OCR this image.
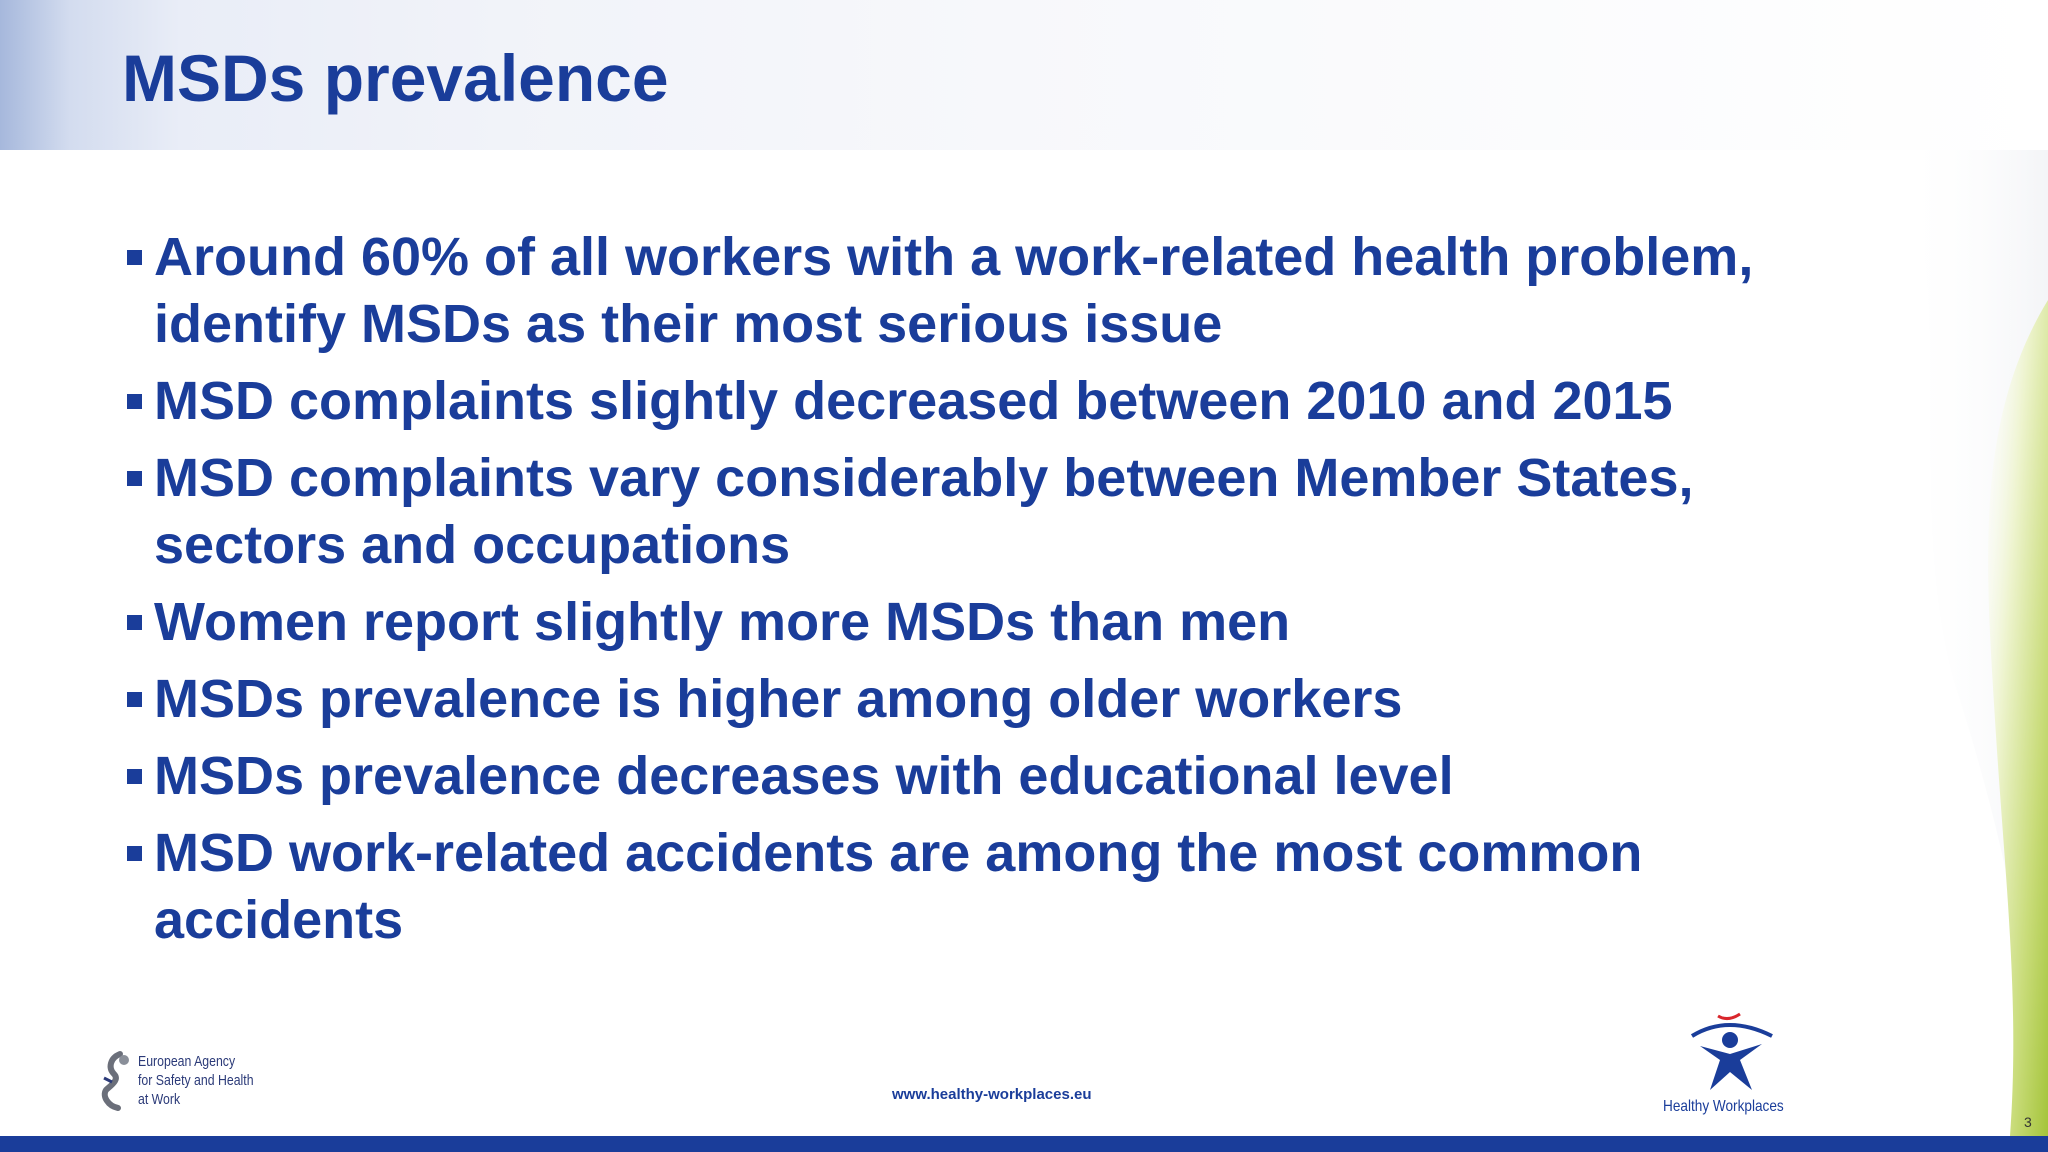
MSDs prevalence
Around 60% of all workers with a work-related health problem, identify MSDs as their most serious issue
MSD complaints slightly decreased between 2010 and 2015
MSD complaints vary considerably between Member States, sectors and occupations
Women report slightly more MSDs than men
MSDs prevalence is higher among older workers
MSDs prevalence decreases with educational level
MSD work-related accidents are among the most common accidents
European Agency
for Safety and Health
at Work	www.healthy-workplaces.eu
Healthy Workplaces
3
